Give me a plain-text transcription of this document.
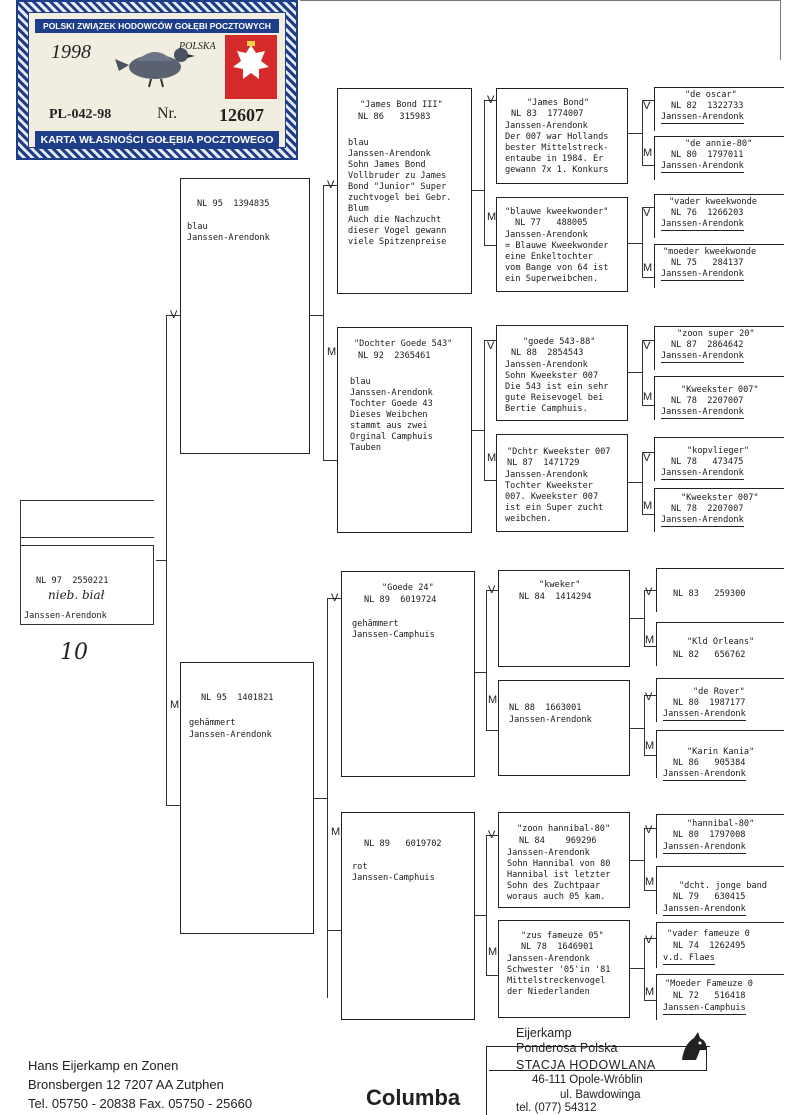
POLSKI ZWIĄZEK HODOWCÓW GOŁĘBI POCZTOWYCH
1998	POLSKA
PL-042-98	Nr. 12607
KARTA WŁASNOŚCI GOŁĘBIA POCZTOWEGO
NL 97  2550221
nieb. biał
Janssen-Arendonk
10
V
M
NL 95  1394835
blau
Janssen-Arendonk
NL 95  1401821
gehämmert
Janssen-Arendonk
V
M
V
M
"James Bond III"
NL 86   315983
blau
Janssen-Arendonk
Sohn James Bond
Vollbruder zu James
Bond "Junior" Super
zuchtvogel bei Gebr.
Blum
Auch die Nachzucht
dieser Vogel gewann
viele Spitzenpreise
"Dochter Goede 543"
NL 92  2365461
blau
Janssen-Arendonk
Tochter Goede 43
Dieses Weibchen
stammt aus zwei
Orginal Camphuis
Tauben
"Goede 24"
NL 89  6019724
gehämmert
Janssen-Camphuis
NL 89   6019702
rot
Janssen-Camphuis
V
M
V
M
V
M
V
M
"James Bond"
NL 83  1774007
Janssen-Arendonk
Der 007 war Hollands
bester Mittelstreck-
entaube in 1984. Er
gewann 7x 1. Konkurs
"blauwe kweekwonder"
NL 77   488005
Janssen-Arendonk
= Blauwe Kweekwonder
eine Enkeltochter
vom Bange von 64 ist
ein Superweibchen.
"goede 543-88"
NL 88  2854543
Janssen-Arendonk
Sohn Kweekster 007
Die 543 ist ein sehr
gute Reisevogel bei
Bertie Camphuis.
"Dchtr Kweekster 007
NL 87  1471729
Janssen-Arendonk
Tochter Kweekster
007. Kweekster 007
ist ein Super zucht
weibchen.
"kweker"
NL 84  1414294
NL 88  1663001
Janssen-Arendonk
"zoon hannibal-80"
NL 84    969296
Janssen-Arendonk
Sohn Hannibal von 80
Hannibal ist letzter
Sohn des Zuchtpaar
woraus auch 05 kam.
"zus fameuze 05"
NL 78  1646901
Janssen-Arendonk
Schwester '05'in '81
Mittelstreckenvogel
der Niederlanden
V
M
V
M
V
M
V
M
V
M
V
M
V
M
V
M
"de oscar"
NL 82  1322733
Janssen-Arendonk
"de annie-80"
NL 80  1797011
Janssen-Arendonk
"vader kweekwonde
NL 76  1266203
Janssen-Arendonk
"moeder kweekwonde
NL 75   284137
Janssen-Arendonk
"zoon super 20"
NL 87  2864642
Janssen-Arendonk
"Kweekster 007"
NL 78  2207007
Janssen-Arendonk
"kopvlieger"
NL 78   473475
Janssen-Arendonk
"Kweekster 007"
NL 78  2207007
Janssen-Arendonk
NL 83   259300
"Kld Orleans"
NL 82   656762
"de Rover"
NL 80  1987177
Janssen-Arendonk
"Karin Kania"
NL 86   905384
Janssen-Arendonk
"hannibal-80"
NL 80  1797008
Janssen-Arendonk
"dcht. jonge band
NL 79   630415
Janssen-Arendonk
"vader fameuze 0
NL 74  1262495
v.d. Flaes
"Moeder Fameuze 0
NL 72   516418
Janssen-Camphuis
Hans Eijerkamp en Zonen
Bronsbergen 12 7207 AA Zutphen
Tel. 05750 - 20838 Fax. 05750 - 25660	Columba
Eijerkamp
Ponderosa Polska
STACJA HODOWLANA
46-111 Opole-Wróblin
ul. Bawdowinga
tel. (077) 54312
